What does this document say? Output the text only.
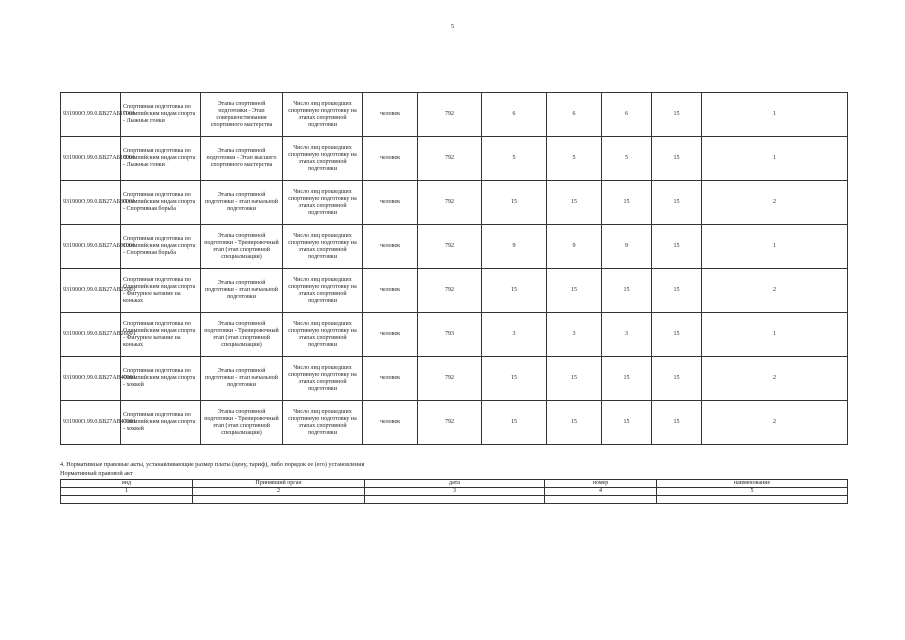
5
931900О.99.0.БВ27АБ17001	Спортивная подготовка по Олимпийским видам спорта - Лыжные гонки	Этапы спортивной подготовки - Этап совершенствования спортивного мастерства	Число лиц прошедших спортивную подготовку на этапах спортивной подготовки	человек	792	6	6	6	15	1
931900О.99.0.БВ27АБ18001	Спортивная подготовка по Олимпийским видам спорта - Лыжные гонки	Этапы спортивной подготовки - Этап высшего спортивного мастерства	Число лиц прошедших спортивную подготовку на этапах спортивной подготовки	человек	792	5	5	5	15	1
931900О.99.0.БВ27АБ80001	Спортивная подготовка по Олимпийским видам спорта - Спортивная борьба	Этапы спортивной подготовки - этап начальной подготовки	Число лиц прошедших спортивную подготовку на этапах спортивной подготовки	человек	792	15	15	15	15	2
931900О.99.0.БВ27АБ81001	Спортивная подготовка по Олимпийским видам спорта - Спортивная борьба	Этапы спортивной подготовки - Тренировочный этап (этап спортивной специализации)	Число лиц прошедших спортивную подготовку на этапах спортивной подготовки	человек	792	9	9	9	15	1
931900О.99.0.БВ27АВ25001	Спортивная подготовка по Олимпийским видам спорта - Фигурное катание на коньках	Этапы спортивной подготовки - этап начальной подготовки	Число лиц прошедших спортивную подготовку на этапах спортивной подготовки	человек	792	15	15	15	15	2
931900О.99.0.БВ27АВ26001	Спортивная подготовка по Олимпийским видам спорта - Фигурное катание на коньках	Этапы спортивной подготовки - Тренировочный этап (этап спортивной специализации)	Число лиц прошедших спортивную подготовку на этапах спортивной подготовки	человек	793	3	3	3	15	1
931900О.99.0.БВ27АВ40001	Спортивная подготовка по Олимпийским видам спорта - хоккей	Этапы спортивной подготовки - этап начальной подготовки	Число лиц прошедших спортивную подготовку на этапах спортивной подготовки	человек	792	15	15	15	15	2
931900О.99.0.БВ27АВ41001	Спортивная подготовка по Олимпийским видам спорта - хоккей	Этапы спортивной подготовки - Тренировочный этап (этап спортивной специализации)	Число лиц прошедших спортивную подготовку на этапах спортивной подготовки	человек	792	15	15	15	15	2
4. Нормативные правовые акты, устанавливающие размер платы (цену, тариф), либо порядок ее (его) установления
Нормативный правовой акт
вид	Принявший орган	дата	номер	наименование
1	2	3	4	5
